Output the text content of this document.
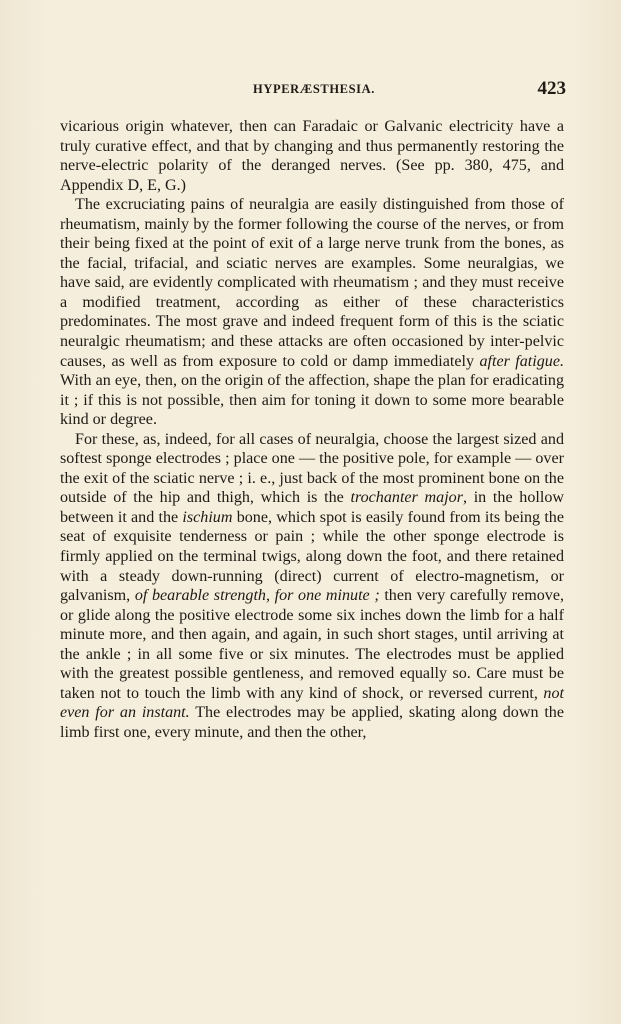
HYPERÆSTHESIA.	423

vicarious origin whatever, then can Faradaic or Galvanic electricity have a truly curative effect, and that by changing and thus permanently restoring the nerve-electric polarity of the deranged nerves. (See pp. 380, 475, and Appendix D, E, G.)

The excruciating pains of neuralgia are easily distinguished from those of rheumatism, mainly by the former following the course of the nerves, or from their being fixed at the point of exit of a large nerve trunk from the bones, as the facial, trifacial, and sciatic nerves are examples. Some neuralgias, we have said, are evidently complicated with rheumatism ; and they must receive a modified treatment, according as either of these characteristics predominates. The most grave and indeed frequent form of this is the sciatic neuralgic rheumatism; and these attacks are often occasioned by inter-pelvic causes, as well as from exposure to cold or damp immediately after fatigue. With an eye, then, on the origin of the affection, shape the plan for eradicating it ; if this is not possible, then aim for toning it down to some more bearable kind or degree.

For these, as, indeed, for all cases of neuralgia, choose the largest sized and softest sponge electrodes ; place one — the positive pole, for example — over the exit of the sciatic nerve ; i. e., just back of the most prominent bone on the outside of the hip and thigh, which is the trochanter major, in the hollow between it and the ischium bone, which spot is easily found from its being the seat of exquisite tenderness or pain ; while the other sponge electrode is firmly applied on the terminal twigs, along down the foot, and there retained with a steady down-running (direct) current of electro-magnetism, or galvanism, of bearable strength, for one minute ; then very carefully remove, or glide along the positive electrode some six inches down the limb for a half minute more, and then again, and again, in such short stages, until arriving at the ankle ; in all some five or six minutes. The electrodes must be applied with the greatest possible gentleness, and removed equally so. Care must be taken not to touch the limb with any kind of shock, or reversed current, not even for an instant. The electrodes may be applied, skating along down the limb first one, every minute, and then the other,
